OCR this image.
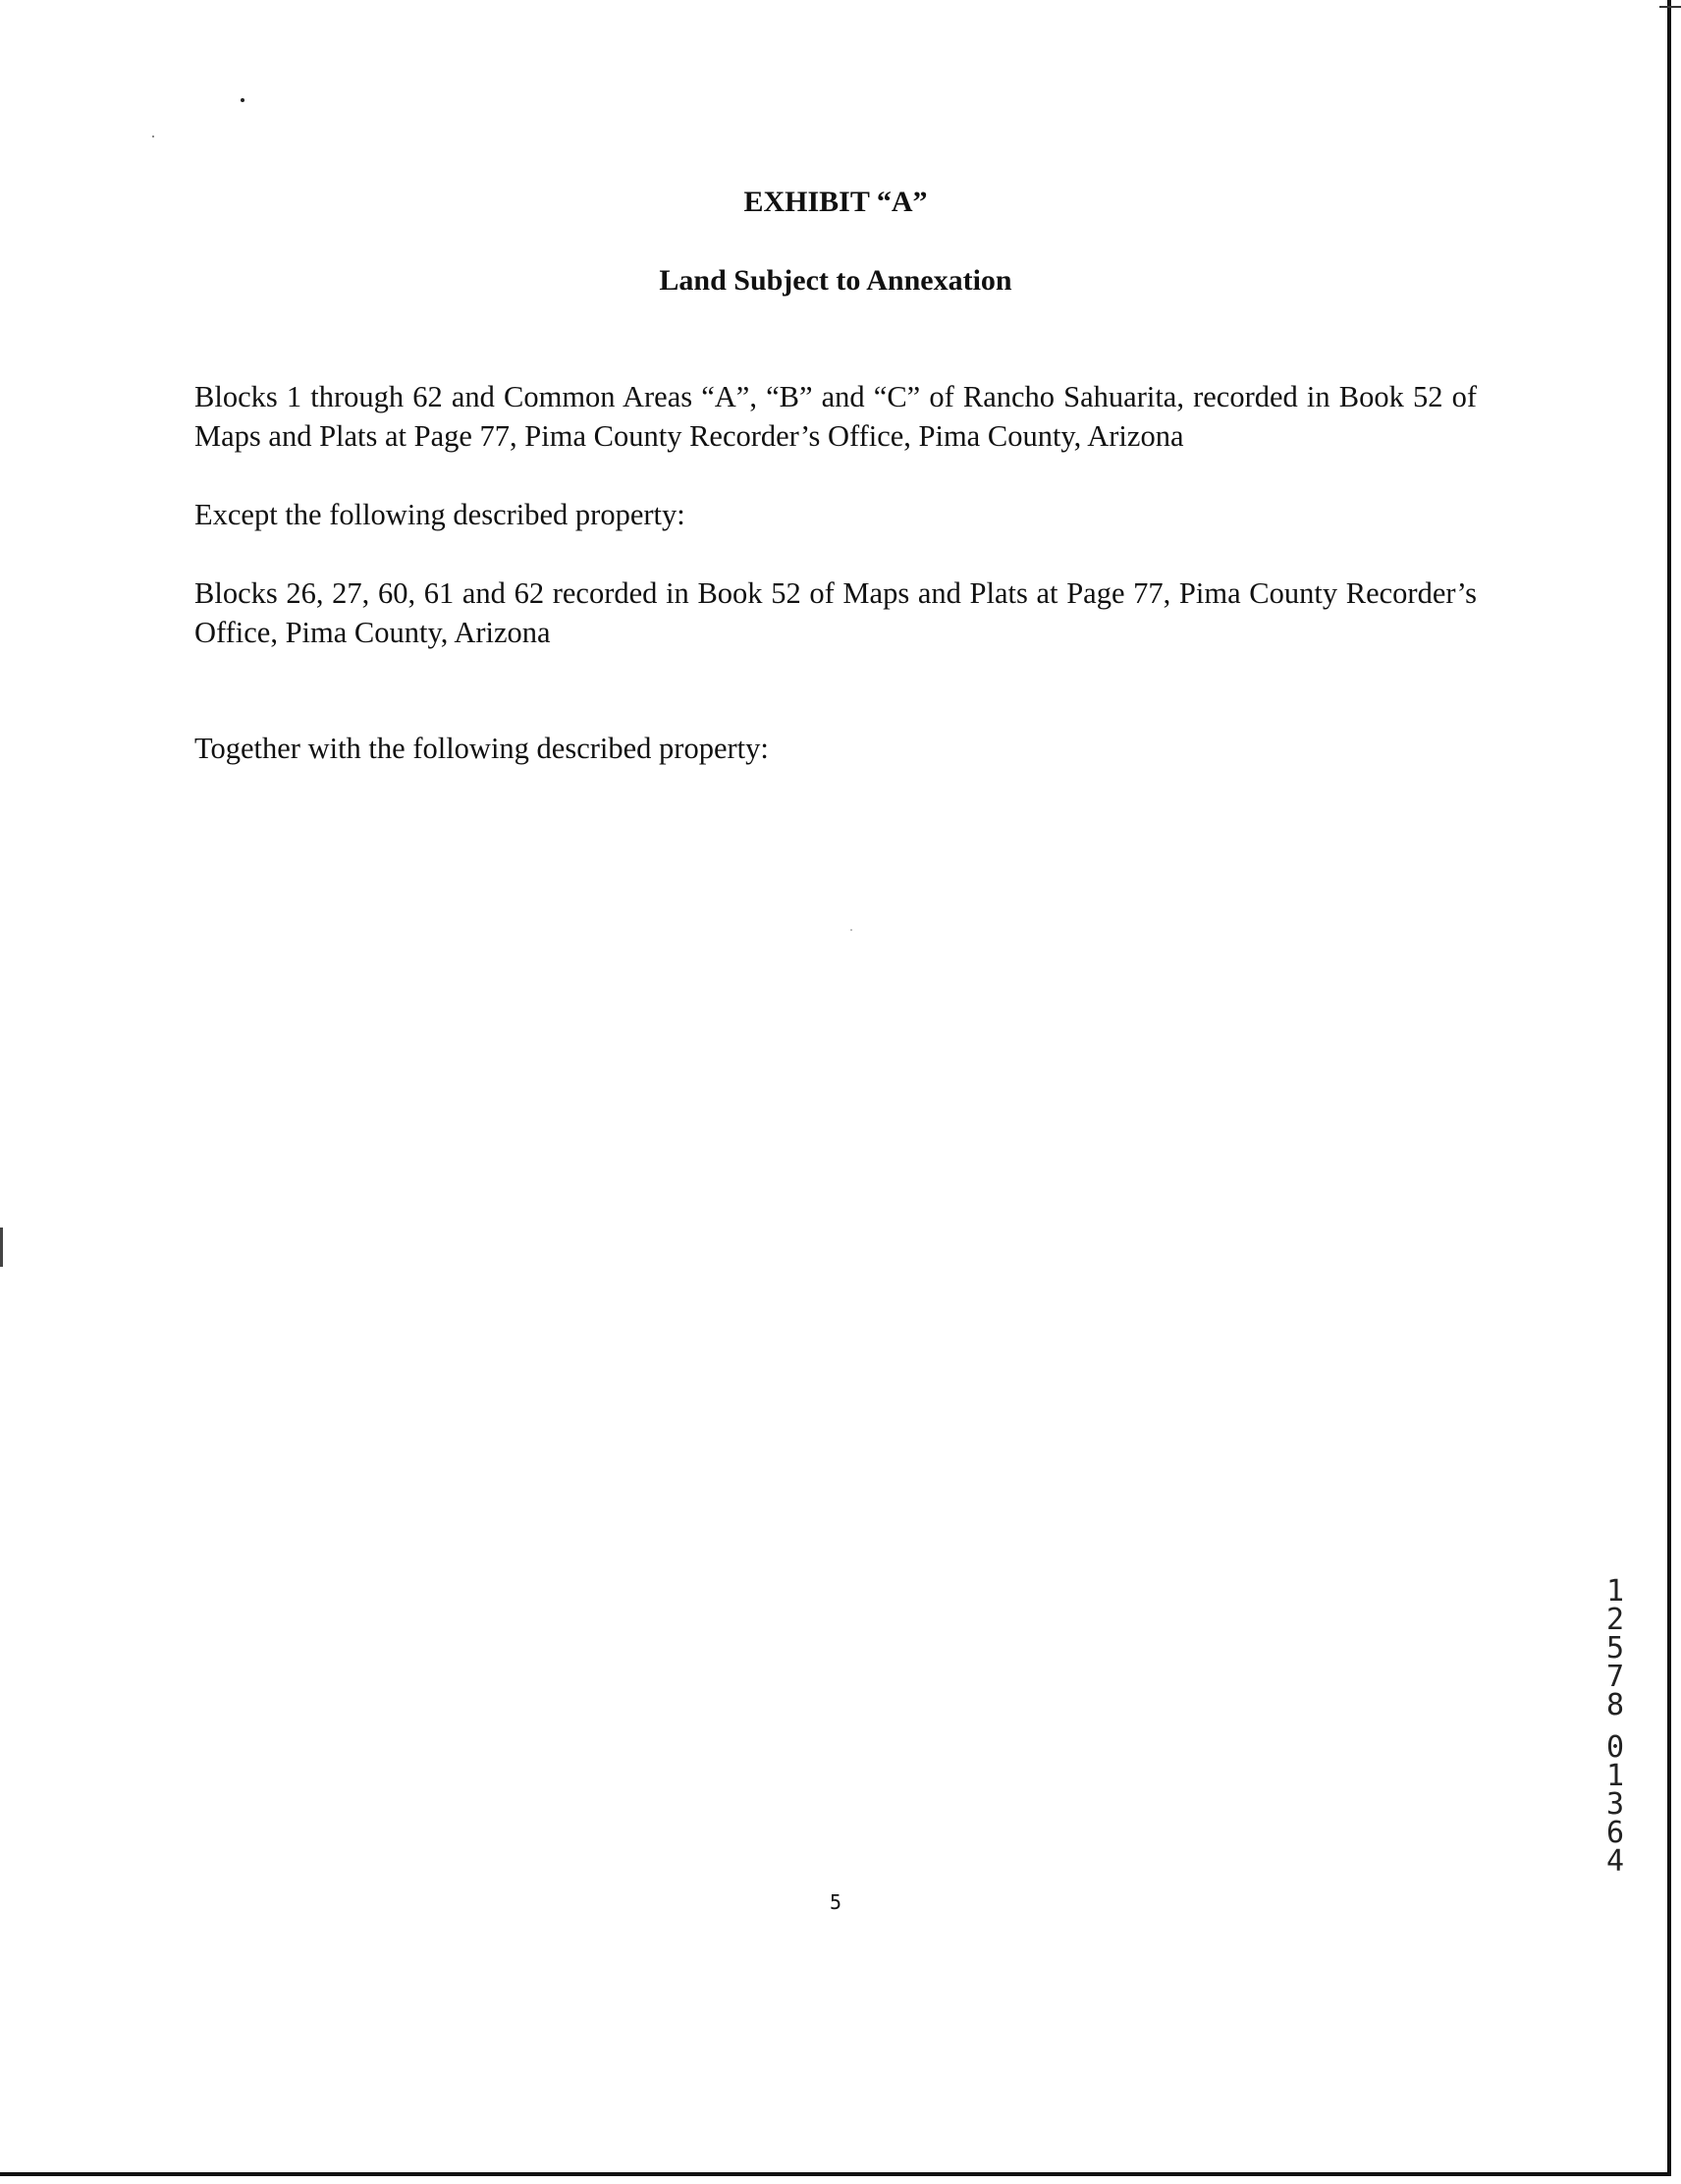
EXHIBIT “A”
Land Subject to Annexation

Blocks 1 through 62 and Common Areas “A”, “B” and “C” of Rancho Sahuarita, recorded in Book 52 of Maps and Plats at Page 77, Pima County Recorder’s Office, Pima County, Arizona

Except the following described property:

Blocks 26, 27, 60, 61 and 62 recorded in Book 52 of Maps and Plats at Page 77, Pima County Recorder’s Office, Pima County, Arizona

Together with the following described property:

5
1
2
5
7
8
0
1
3
6
4
